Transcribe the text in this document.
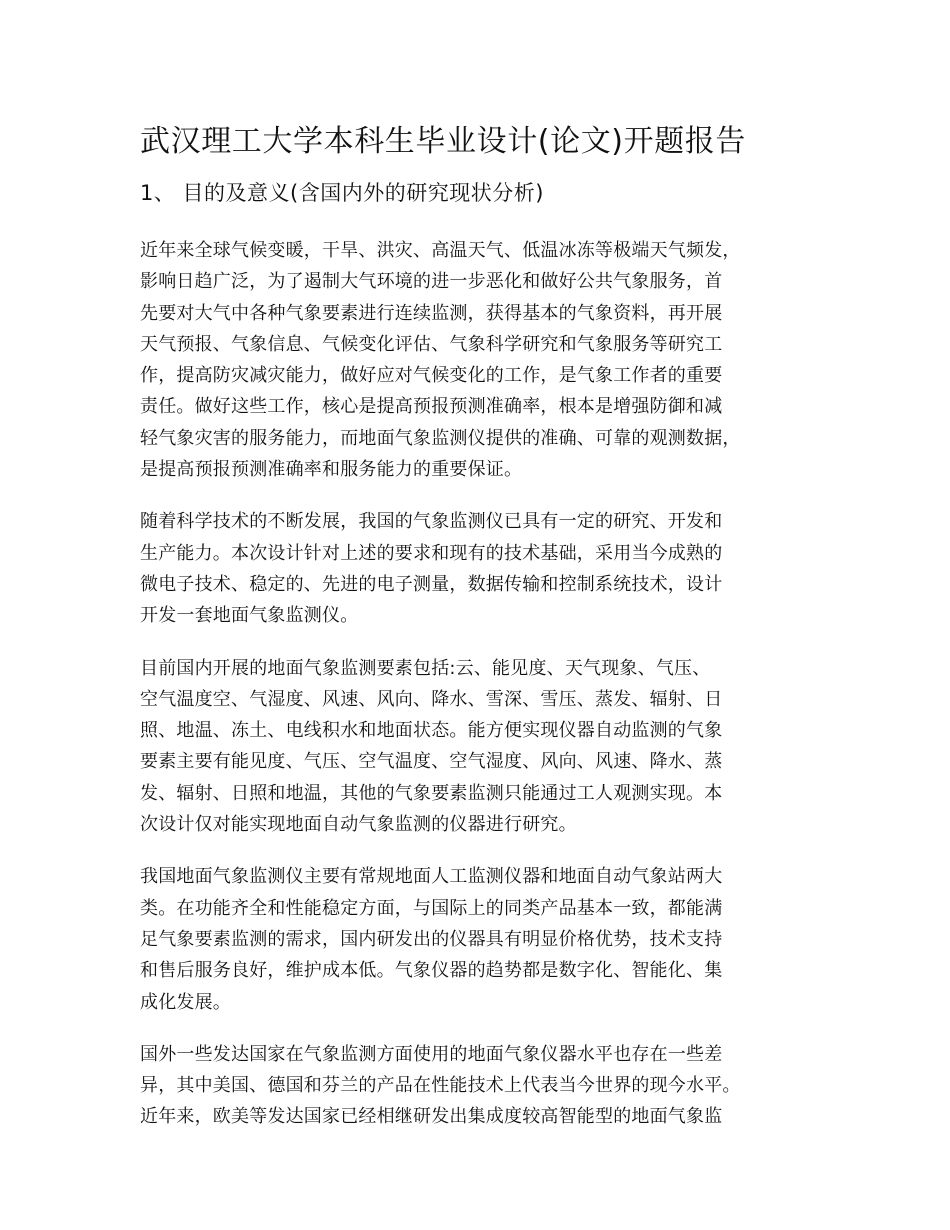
武汉理工大学本科生毕业设计(论文)开题报告
1、 目的及意义(含国内外的研究现状分析)
近年来全球气候变暖，干旱、洪灾、高温天气、低温冰冻等极端天气频发，
影响日趋广泛，为了遏制大气环境的进一步恶化和做好公共气象服务，首
先要对大气中各种气象要素进行连续监测，获得基本的气象资料，再开展
天气预报、气象信息、气候变化评估、气象科学研究和气象服务等研究工
作，提高防灾减灾能力，做好应对气候变化的工作，是气象工作者的重要
责任。做好这些工作，核心是提高预报预测准确率，根本是增强防御和减
轻气象灾害的服务能力，而地面气象监测仪提供的准确、可靠的观测数据，
是提高预报预测准确率和服务能力的重要保证。
随着科学技术的不断发展，我国的气象监测仪已具有一定的研究、开发和
生产能力。本次设计针对上述的要求和现有的技术基础，采用当今成熟的
微电子技术、稳定的、先进的电子测量，数据传输和控制系统技术，设计
开发一套地面气象监测仪。
目前国内开展的地面气象监测要素包括:云、能见度、天气现象、气压、
空气温度空、气湿度、风速、风向、降水、雪深、雪压、蒸发、辐射、日
照、地温、冻土、电线积水和地面状态。能方便实现仪器自动监测的气象
要素主要有能见度、气压、空气温度、空气湿度、风向、风速、降水、蒸
发、辐射、日照和地温，其他的气象要素监测只能通过工人观测实现。本
次设计仅对能实现地面自动气象监测的仪器进行研究。
我国地面气象监测仪主要有常规地面人工监测仪器和地面自动气象站两大
类。在功能齐全和性能稳定方面，与国际上的同类产品基本一致，都能满
足气象要素监测的需求，国内研发出的仪器具有明显价格优势，技术支持
和售后服务良好，维护成本低。气象仪器的趋势都是数字化、智能化、集
成化发展。
国外一些发达国家在气象监测方面使用的地面气象仪器水平也存在一些差
异，其中美国、德国和芬兰的产品在性能技术上代表当今世界的现今水平。
近年来，欧美等发达国家已经相继研发出集成度较高智能型的地面气象监
